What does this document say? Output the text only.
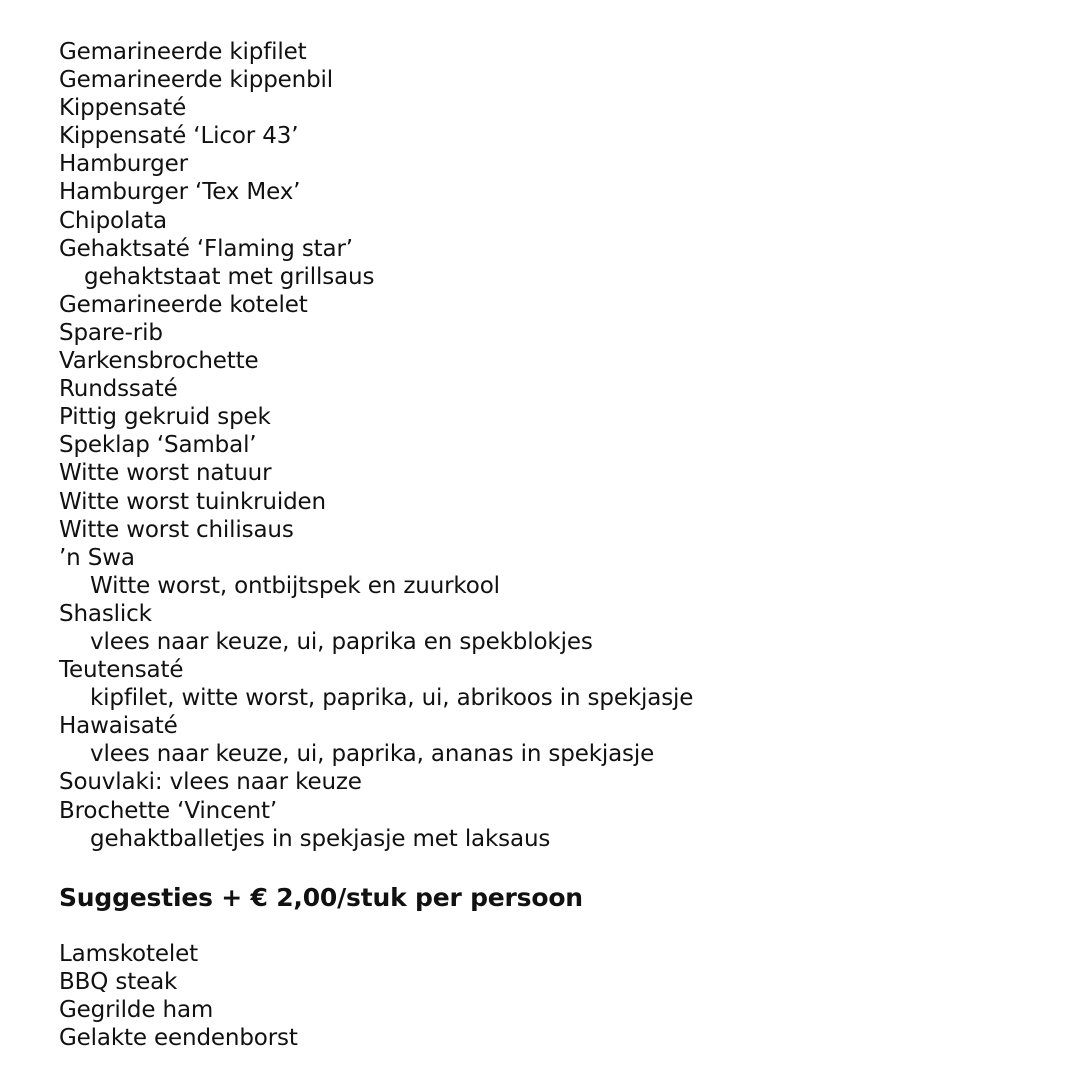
Gemarineerde kipfilet
Gemarineerde kippenbil
Kippensaté
Kippensaté ‘Licor 43’
Hamburger
Hamburger ‘Tex Mex’
Chipolata
Gehaktsaté ‘Flaming star’
gehaktstaat met grillsaus
Gemarineerde kotelet
Spare-rib
Varkensbrochette
Rundssaté
Pittig gekruid spek
Speklap ‘Sambal’
Witte worst natuur
Witte worst tuinkruiden
Witte worst chilisaus
’n Swa
Witte worst, ontbijtspek en zuurkool
Shaslick
vlees naar keuze, ui, paprika en spekblokjes
Teutensaté
kipfilet, witte worst, paprika, ui, abrikoos in spekjasje
Hawaisaté
vlees naar keuze, ui, paprika, ananas in spekjasje
Souvlaki: vlees naar keuze
Brochette ‘Vincent’
gehaktballetjes in spekjasje met laksaus
Suggesties + € 2,00/stuk per persoon
Lamskotelet
BBQ steak
Gegrilde ham
Gelakte eendenborst
